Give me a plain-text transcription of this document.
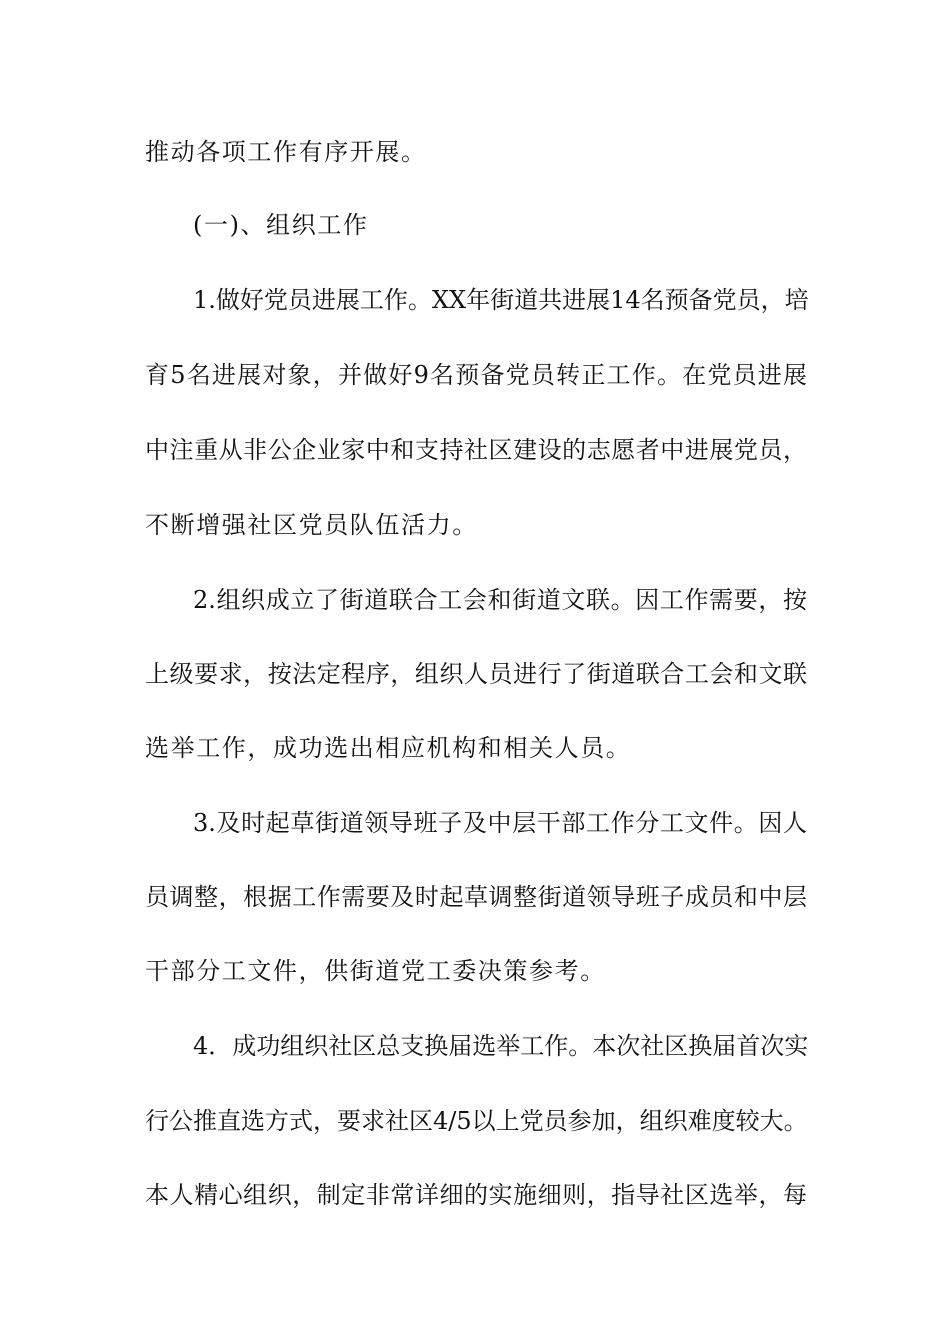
推动各项工作有序开展。
(一)、组织工作
1.做好党员进展工作。XX年街道共进展14名预备党员，培
育5名进展对象，并做好9名预备党员转正工作。在党员进展
中注重从非公企业家中和支持社区建设的志愿者中进展党员，
不断增强社区党员队伍活力。
2.组织成立了街道联合工会和街道文联。因工作需要，按
上级要求，按法定程序，组织人员进行了街道联合工会和文联
选举工作，成功选出相应机构和相关人员。
3.及时起草街道领导班子及中层干部工作分工文件。因人
员调整，根据工作需要及时起草调整街道领导班子成员和中层
干部分工文件，供街道党工委决策参考。
4．成功组织社区总支换届选举工作。本次社区换届首次实
行公推直选方式，要求社区4/5以上党员参加，组织难度较大。
本人精心组织，制定非常详细的实施细则，指导社区选举，每
